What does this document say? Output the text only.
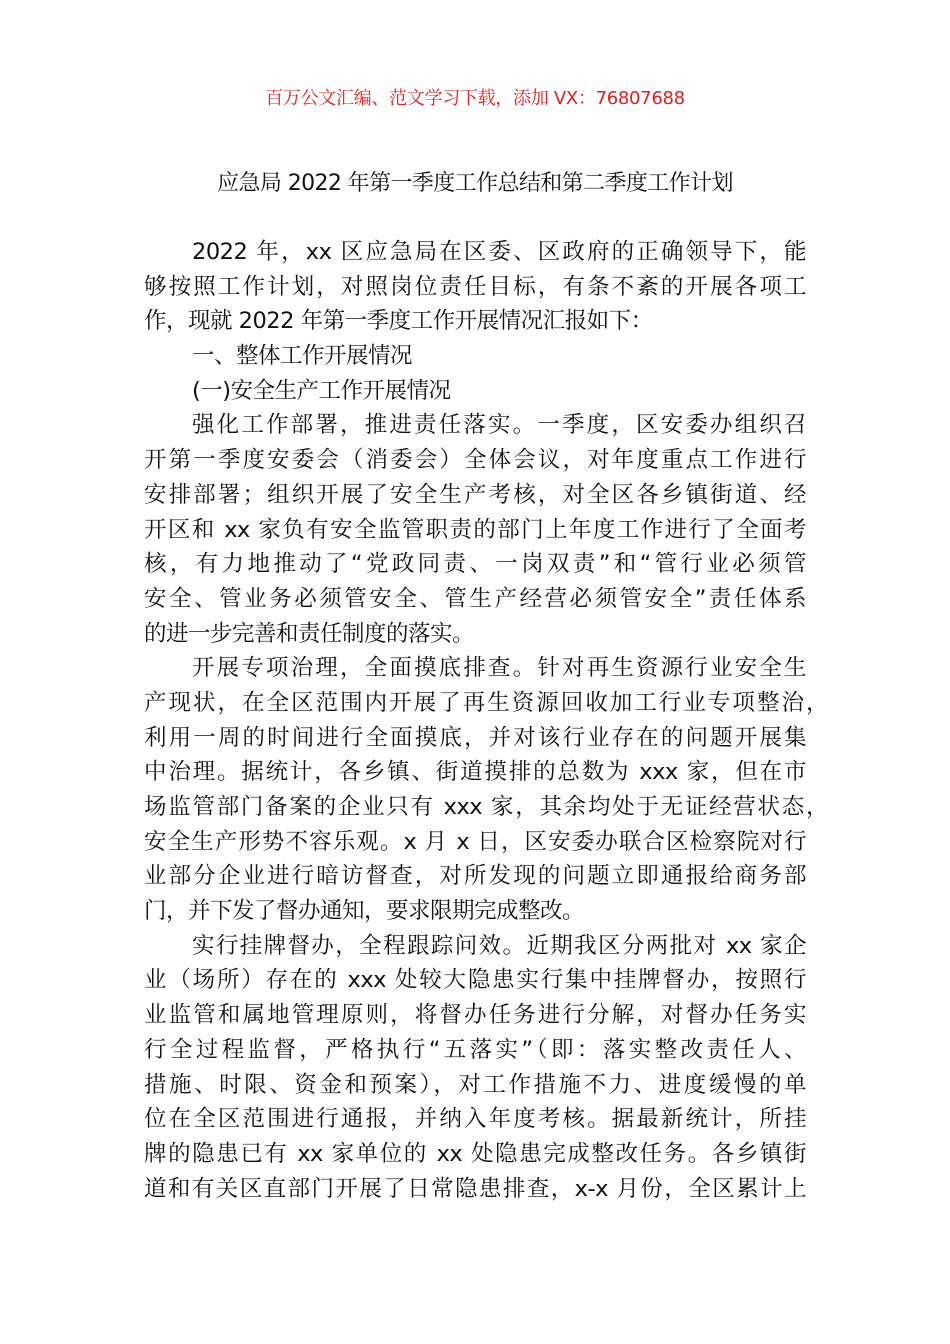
百万公文汇编、范文学习下载，添加 VX：76807688
应急局 2022 年第一季度工作总结和第二季度工作计划
2022 年，xx 区应急局在区委、区政府的正确领导下，能
够按照工作计划，对照岗位责任目标，有条不紊的开展各项工
作，现就 2022 年第一季度工作开展情况汇报如下：
一、整体工作开展情况
(一)安全生产工作开展情况
强化工作部署，推进责任落实。一季度，区安委办组织召
开第一季度安委会（消委会）全体会议，对年度重点工作进行
安排部署；组织开展了安全生产考核，对全区各乡镇街道、经
开区和 xx 家负有安全监管职责的部门上年度工作进行了全面考
核，有力地推动了“党政同责、一岗双责”和“管行业必须管
安全、管业务必须管安全、管生产经营必须管安全”责任体系
的进一步完善和责任制度的落实。
开展专项治理，全面摸底排查。针对再生资源行业安全生
产现状，在全区范围内开展了再生资源回收加工行业专项整治，
利用一周的时间进行全面摸底，并对该行业存在的问题开展集
中治理。据统计，各乡镇、街道摸排的总数为 xxx 家，但在市
场监管部门备案的企业只有 xxx 家，其余均处于无证经营状态，
安全生产形势不容乐观。x 月 x 日，区安委办联合区检察院对行
业部分企业进行暗访督查，对所发现的问题立即通报给商务部
门，并下发了督办通知，要求限期完成整改。
实行挂牌督办，全程跟踪问效。近期我区分两批对 xx 家企
业（场所）存在的 xxx 处较大隐患实行集中挂牌督办，按照行
业监管和属地管理原则，将督办任务进行分解，对督办任务实
行全过程监督，严格执行“五落实”（即：落实整改责任人、
措施、时限、资金和预案），对工作措施不力、进度缓慢的单
位在全区范围进行通报，并纳入年度考核。据最新统计，所挂
牌的隐患已有 xx 家单位的 xx 处隐患完成整改任务。各乡镇街
道和有关区直部门开展了日常隐患排查，x-x 月份，全区累计上
